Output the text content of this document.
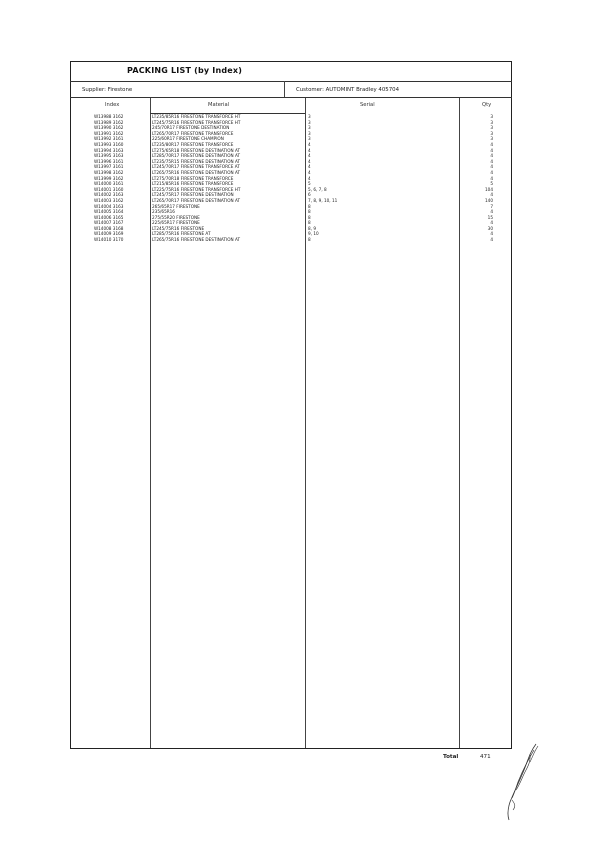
PACKING LIST (by Index)
Supplier: Firestone	Customer: AUTOMINT Bradley 405704
Index	Material	Serial	Qty
W13988 3162	LT235/85R16 FIRESTONE TRANSFORCE HT	3	3
W13989 3162	LT245/75R16 FIRESTONE TRANSFORCE HT	3	3
W13990 3162	245/70R17 FIRESTONE DESTINATION	3	3
W13991 3162	LT265/70R17 FIRESTONE TRANSFORCE	3	3
W13992 3161	225/60R17 FIRESTONE CHAMPION	3	3
W13993 3160	LT235/80R17 FIRESTONE TRANSFORCE	4	4
W13994 3163	LT275/65R18 FIRESTONE DESTINATION AT	4	4
W13995 3163	LT285/70R17 FIRESTONE DESTINATION AT	4	4
W13996 3161	LT235/75R15 FIRESTONE DESTINATION AT	4	4
W13997 3161	LT245/70R17 FIRESTONE TRANSFORCE AT	4	4
W13998 3162	LT265/75R16 FIRESTONE DESTINATION AT	4	4
W13999 3162	LT275/70R18 FIRESTONE TRANSFORCE	4	4
W14000 3161	LT215/85R16 FIRESTONE TRANSFORCE	5	5
W14001 3160	LT225/75R16 FIRESTONE TRANSFORCE HT	5, 6, 7, 8	104
W14002 3163	LT245/75R17 FIRESTONE DESTINATION	6	4
W14003 3162	LT265/70R17 FIRESTONE DESTINATION AT	7, 8, 9, 10, 11	140
W14004 3163	265/65R17 FIRESTONE	8	7
W14005 3164	235/65R16	8	4
W14006 3165	275/55R20 FIRESTONE	8	15
W14007 3167	225/65R17 FIRESTONE	8	4
W14008 3168	LT245/75R16 FIRESTONE	8, 9	30
W14009 3169	LT285/75R16 FIRESTONE AT	9, 10	4
W14010 3170	LT265/75R16 FIRESTONE DESTINATION AT	8	4
Total	471
